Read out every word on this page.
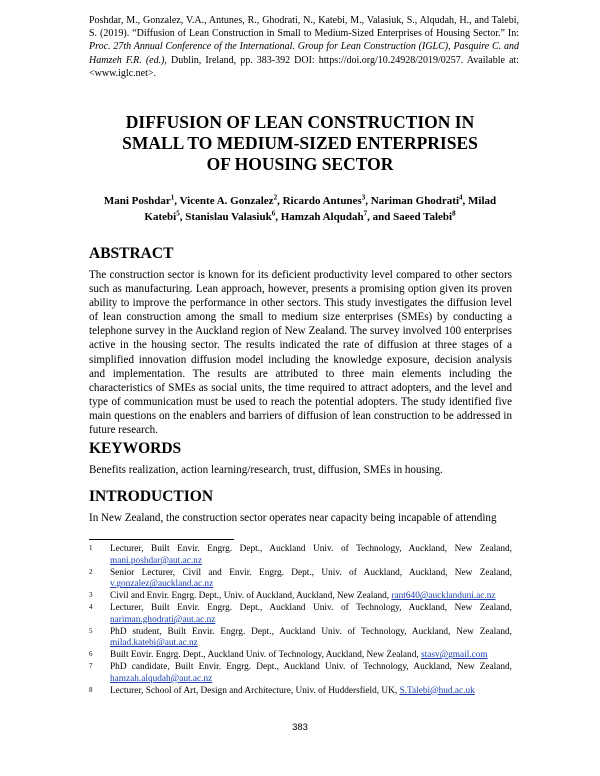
Poshdar, M., Gonzalez, V.A., Antunes, R., Ghodrati, N., Katebi, M., Valasiuk, S., Alqudah, H., and Talebi, S. (2019). “Diffusion of Lean Construction in Small to Medium-Sized Enterprises of Housing Sector.” In: Proc. 27th Annual Conference of the International. Group for Lean Construction (IGLC), Pasquire C. and Hamzeh F.R. (ed.), Dublin, Ireland, pp. 383-392 DOI: https://doi.org/10.24928/2019/0257. Available at: <www.iglc.net>.
DIFFUSION OF LEAN CONSTRUCTION IN
SMALL TO MEDIUM-SIZED ENTERPRISES
OF HOUSING SECTOR
Mani Poshdar$^1$, Vicente A. Gonzalez$^2$, Ricardo Antunes$^3$, Nariman Ghodrati$^4$, Milad Katebi$^5$, Stanislau Valasiuk$^6$, Hamzah Alqudah$^7$, and Saeed Talebi$^8$
ABSTRACT

The construction sector is known for its deficient productivity level compared to other sectors such as manufacturing. Lean approach, however, presents a promising option given its proven ability to improve the performance in other sectors. This study investigates the diffusion level of lean construction among the small to medium size enterprises (SMEs) by conducting a telephone survey in the Auckland region of New Zealand. The survey involved 100 enterprises active in the housing sector. The results indicated the rate of diffusion at three stages of a simplified innovation diffusion model including the knowledge exposure, decision analysis and implementation. The results are attributed to three main elements including the characteristics of SMEs as social units, the time required to attract adopters, and the level and type of communication must be used to reach the potential adopters. The study identified five main questions on the enablers and barriers of diffusion of lean construction to be addressed in future research.

KEYWORDS

Benefits realization, action learning/research, trust, diffusion, SMEs in housing.

INTRODUCTION

In New Zealand, the construction sector operates near capacity being incapable of attending

1	Lecturer, Built Envir. Engrg. Dept., Auckland Univ. of Technology, Auckland, New Zealand, mani.poshdar@aut.ac.nz
2	Senior Lecturer, Civil and Envir. Engrg. Dept., Univ. of Auckland, Auckland, New Zealand, v.gonzalez@auckland.ac.nz
3	Civil and Envir. Engrg. Dept., Univ. of Auckland, Auckland, New Zealand, rant640@aucklanduni.ac.nz
4	Lecturer, Built Envir. Engrg. Dept., Auckland Univ. of Technology, Auckland, New Zealand, nariman.ghodrati@aut.ac.nz
5	PhD student, Built Envir. Engrg. Dept., Auckland Univ. of Technology, Auckland, New Zealand, milad.katebi@aut.ac.nz
6	Built Envir. Engrg. Dept., Auckland Univ. of Technology, Auckland, New Zealand, stasv@gmail.com
7	PhD candidate, Built Envir. Engrg. Dept., Auckland Univ. of Technology, Auckland, New Zealand, hamzah.alqudah@aut.ac.nz
8	Lecturer, School of Art, Design and Architecture, Univ. of Huddersfield, UK, S.Talebi@hud.ac.uk
383
